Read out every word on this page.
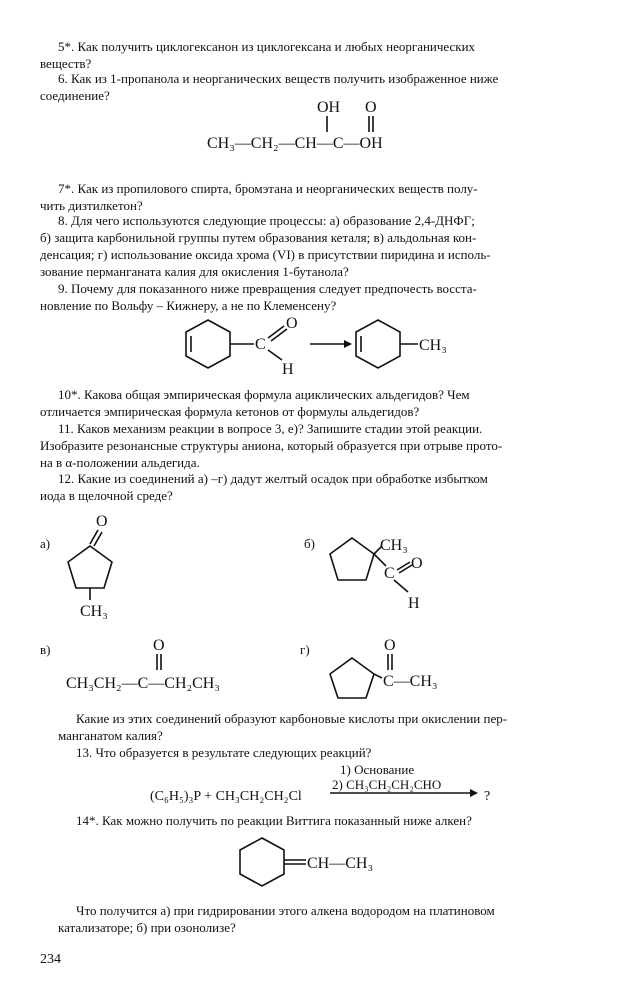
5*. Как получить циклогексанон из циклогексана и любых неорганических
веществ?
6. Как из 1-пропанола и неорганических веществ получить изображенное ниже
соединение?
OH O
CH₃—CH₂—CH—C—OH
7*. Как из пропилового спирта, бромэтана и неорганических веществ полу-
чить дизтилкетон?
8. Для чего используются следующие процессы: а) образование 2,4-ДНФГ;
б) защита карбонильной группы путем образования кеталя; в) альдольная кон-
денсация; г) использование оксида хрома (VI) в присутствии пиридина и исполь-
зование перманганата калия для окисления 1-бутанола?
9. Почему для показанного ниже превращения следует предпочесть восста-
новление по Вольфу – Кижнеру, а не по Клеменсену?
C
O
H
CH₃
10*. Какова общая эмпирическая формула ациклических альдегидов? Чем
отличается эмпирическая формула кетонов от формулы альдегидов?
11. Каков механизм реакции в вопросе 3, е)? Запишите стадии этой реакции.
Изобразите резонансные структуры аниона, который образуется при отрыве прото-
на в α-положении альдегида.
12. Какие из соединений а) –г) дадут желтый осадок при обработке избытком
иода в щелочной среде?
а)
O
CH₃
б)	CH₃
C
O
H
в)	O
CH₃CH₂—C—CH₂CH₃
г)	O
C—CH₃
Какие из этих соединений образуют карбоновые кислоты при окислении пер-
манганатом калия?
13. Что образуется в результате следующих реакций?
1) Основание
2) CH₃CH₂CH₂CHO
(C₆H₅)₃P + CH₃CH₂CH₂Cl	?
14*. Как можно получить по реакции Виттига показанный ниже алкен?
CH—CH₃
Что получится а) при гидрировании этого алкена водородом на платиновом
катализаторе; б) при озонолизе?
234
